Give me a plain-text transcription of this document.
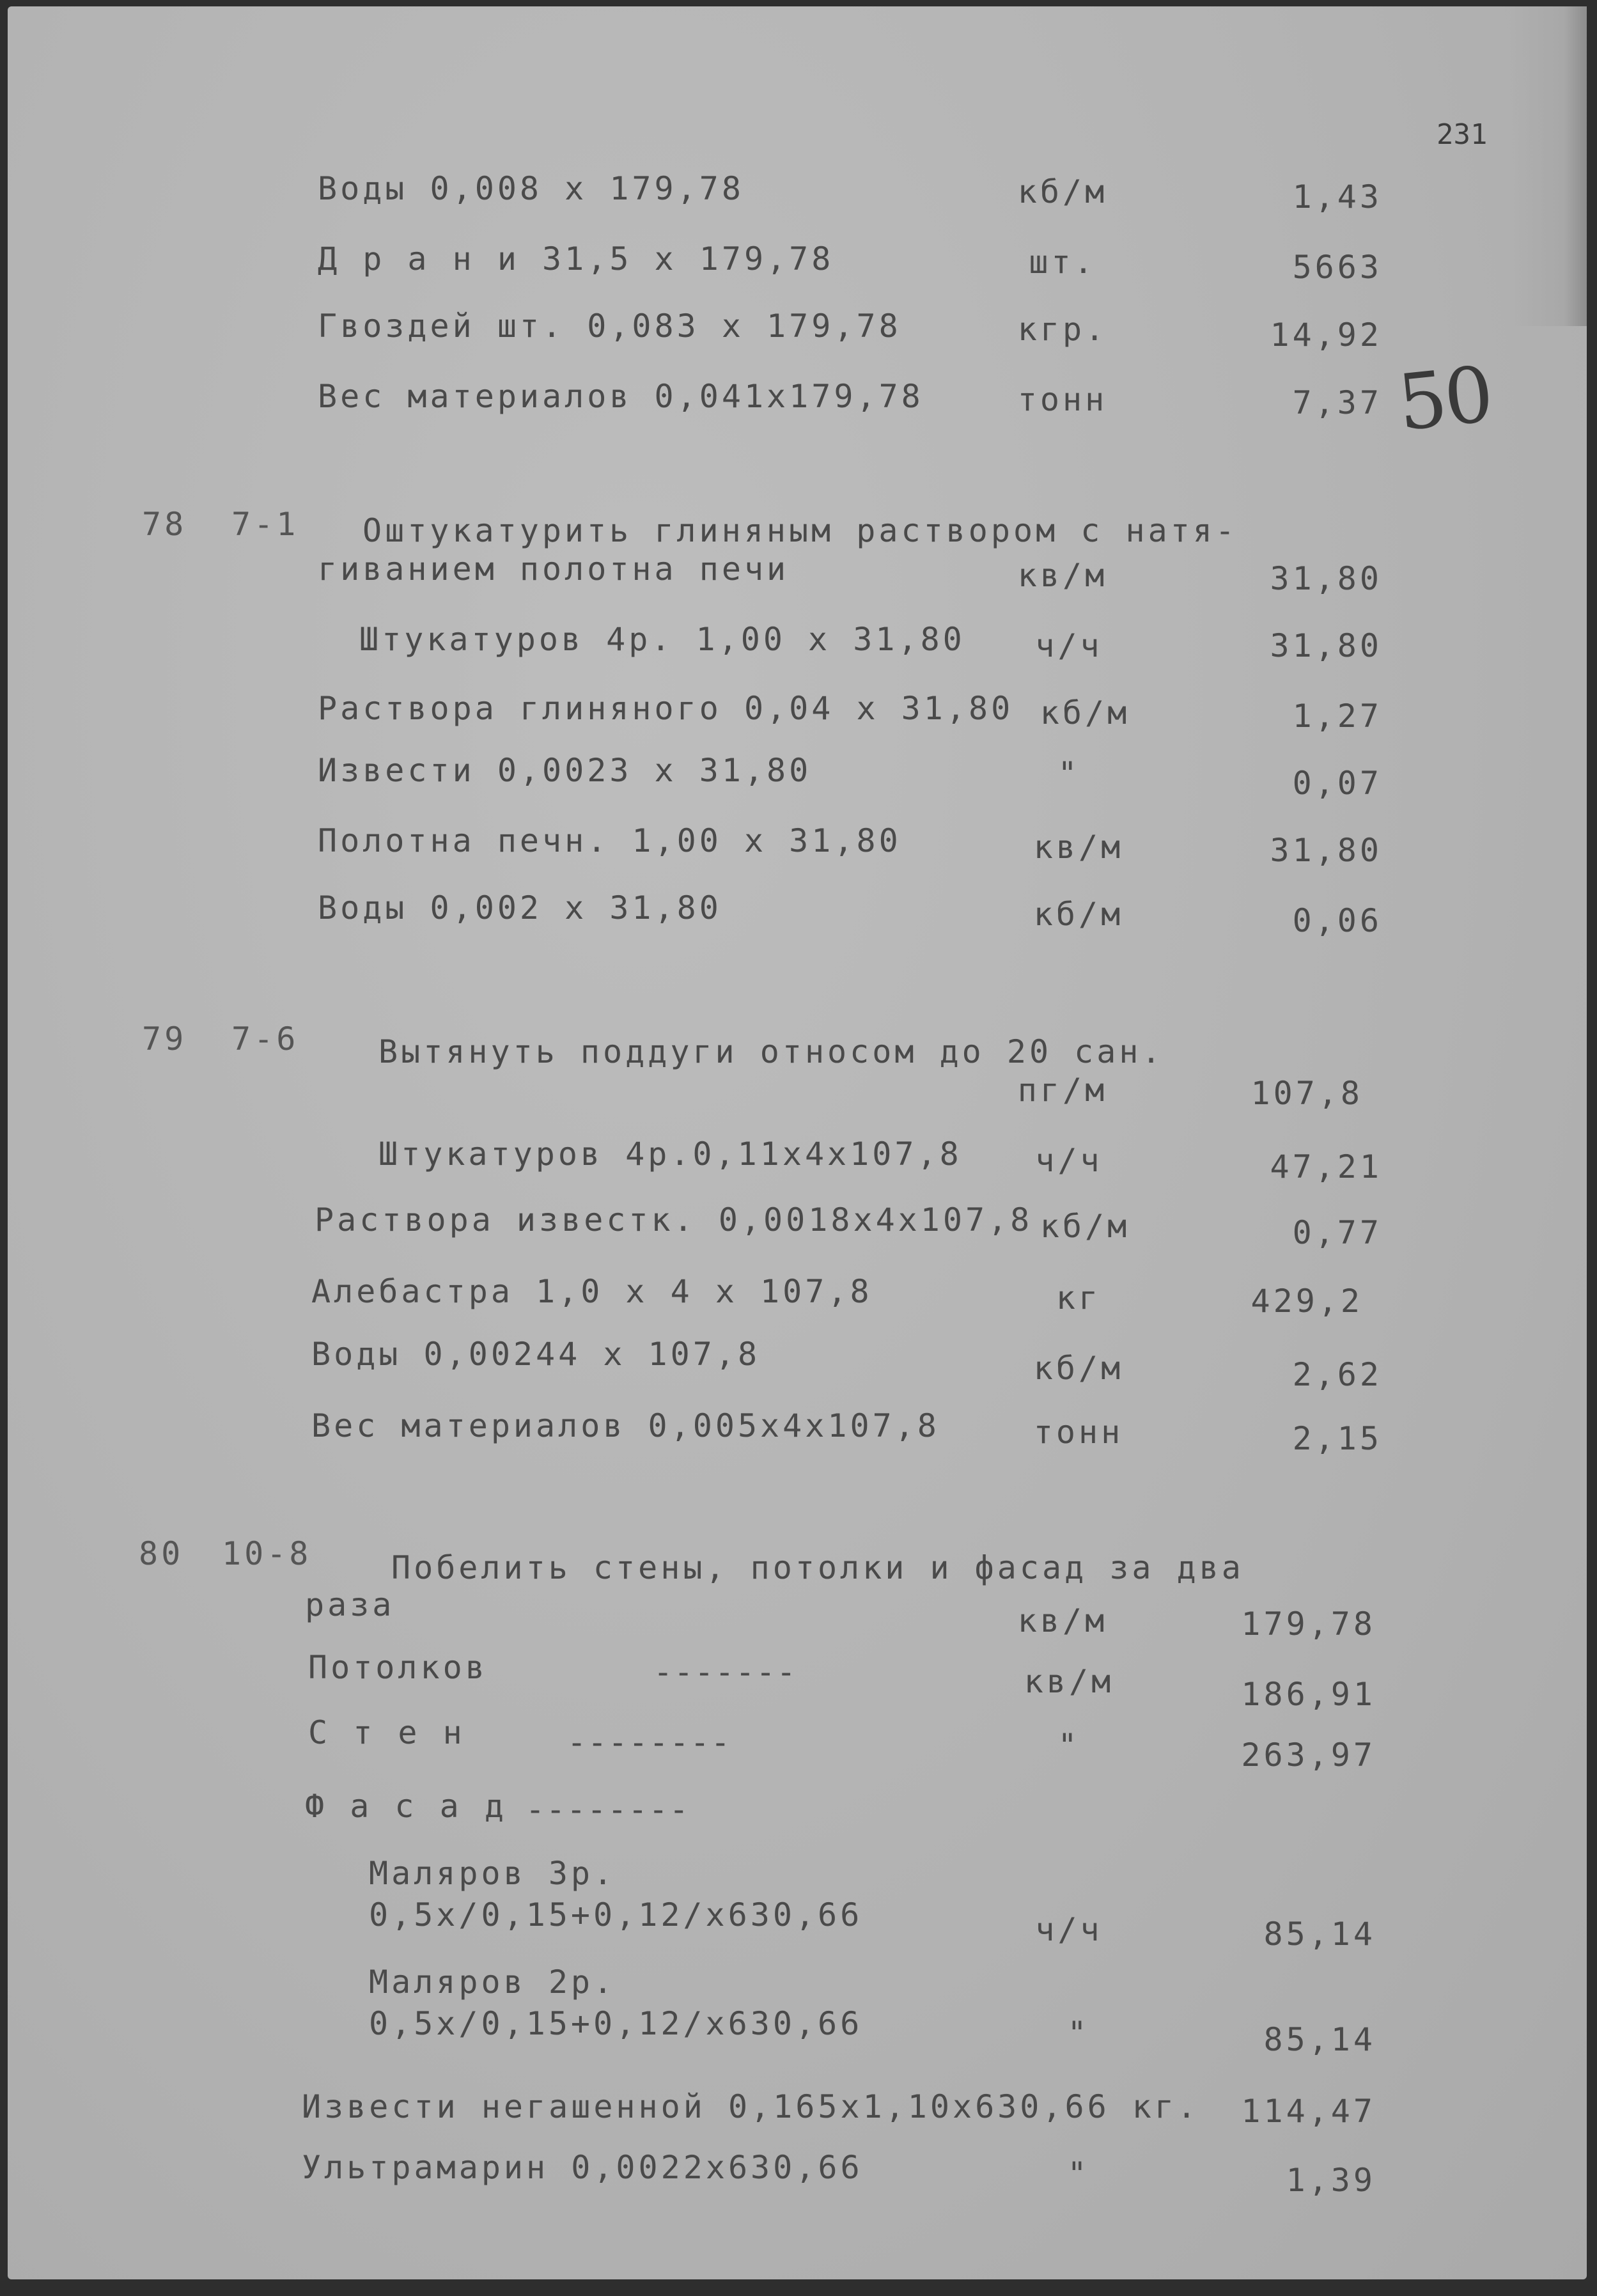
231
50
Воды 0,008 х 179,78	кб/м	1,43
Д р а н и 31,5 х 179,78	шт.	5663
Гвоздей шт. 0,083 х 179,78	кгр.	14,92
Вес материалов 0,041х179,78	тонн	7,37
78 7-1 Оштукатурить глиняным раствором с натя-
гиванием полотна печи	кв/м	31,80
Штукатуров 4р. 1,00 х 31,80	ч/ч	31,80
Раствора глиняного 0,04 х 31,80 кб/м	1,27
Извести 0,0023 х 31,80	"	0,07
Полотна печн. 1,00 х 31,80	кв/м	31,80
Воды 0,002 х 31,80	кб/м	0,06
79 7-6 Вытянуть поддуги относом до 20 сан.
пг/м	107,8
Штукатуров 4р.0,11х4х107,8	ч/ч	47,21
Раствора известк. 0,0018х4х107,8 кб/м	0,77
Алебастра 1,0 х 4 х 107,8	кг	429,2
Воды 0,00244 х 107,8	кб/м	2,62
Вес материалов 0,005х4х107,8	тонн	2,15
80 10-8 Побелить стены, потолки и фасад за два
раза	кв/м	179,78
Потолков	-------	кв/м	186,91
С т е н	--------	"	263,97
Ф а с а д --------
Маляров 3р.
0,5х/0,15+0,12/х630,66	ч/ч	85,14
Маляров 2р.
0,5х/0,15+0,12/х630,66	"	85,14
Извести негашенной 0,165х1,10х630,66 кг.	114,47
Ультрамарин 0,0022х630,66	"	1,39
